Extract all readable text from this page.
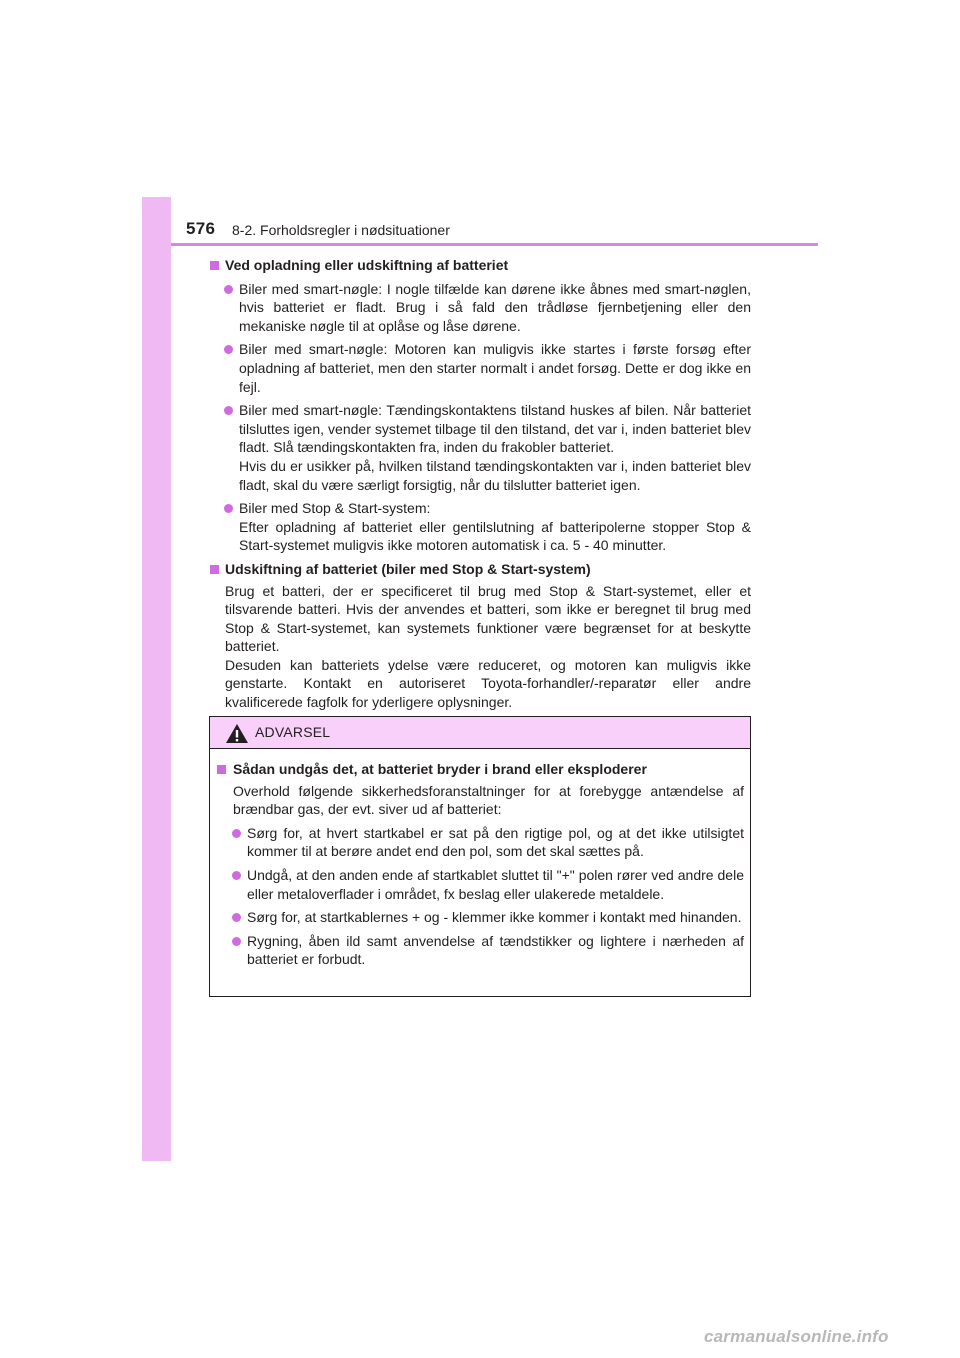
576 8-2. Forholdsregler i nødsituationer
Ved opladning eller udskiftning af batteriet

Biler med smart-nøgle: I nogle tilfælde kan dørene ikke åbnes med smart-nøglen, hvis batteriet er fladt. Brug i så fald den trådløse fjernbetjening eller den mekaniske nøgle til at oplåse og låse dørene.

Biler med smart-nøgle: Motoren kan muligvis ikke startes i første forsøg efter opladning af batteriet, men den starter normalt i andet forsøg. Dette er dog ikke en fejl.

Biler med smart-nøgle: Tændingskontaktens tilstand huskes af bilen. Når batteriet tilsluttes igen, vender systemet tilbage til den tilstand, det var i, inden batteriet blev fladt. Slå tændingskontakten fra, inden du frakobler batteriet.

Hvis du er usikker på, hvilken tilstand tændingskontakten var i, inden batteriet blev fladt, skal du være særligt forsigtig, når du tilslutter batteriet igen.

Biler med Stop & Start-system:

Efter opladning af batteriet eller gentilslutning af batteripolerne stopper Stop & Start-systemet muligvis ikke motoren automatisk i ca. 5 - 40 minutter.

Udskiftning af batteriet (biler med Stop & Start-system)

Brug et batteri, der er specificeret til brug med Stop & Start-systemet, eller et tilsvarende batteri. Hvis der anvendes et batteri, som ikke er beregnet til brug med Stop & Start-systemet, kan systemets funktioner være begrænset for at beskytte batteriet.

Desuden kan batteriets ydelse være reduceret, og motoren kan muligvis ikke genstarte. Kontakt en autoriseret Toyota-forhandler/-reparatør eller andre kvalificerede fagfolk for yderligere oplysninger.

ADVARSEL
Sådan undgås det, at batteriet bryder i brand eller eksploderer

Overhold følgende sikkerhedsforanstaltninger for at forebygge antændelse af brændbar gas, der evt. siver ud af batteriet:

Sørg for, at hvert startkabel er sat på den rigtige pol, og at det ikke utilsigtet kommer til at berøre andet end den pol, som det skal sættes på.

Undgå, at den anden ende af startkablet sluttet til "+" polen rører ved andre dele eller metaloverflader i området, fx beslag eller ulakerede metaldele.

Sørg for, at startkablernes + og - klemmer ikke kommer i kontakt med hinanden.

Rygning, åben ild samt anvendelse af tændstikker og lightere i nærheden af batteriet er forbudt.

carmanualsonline.info
